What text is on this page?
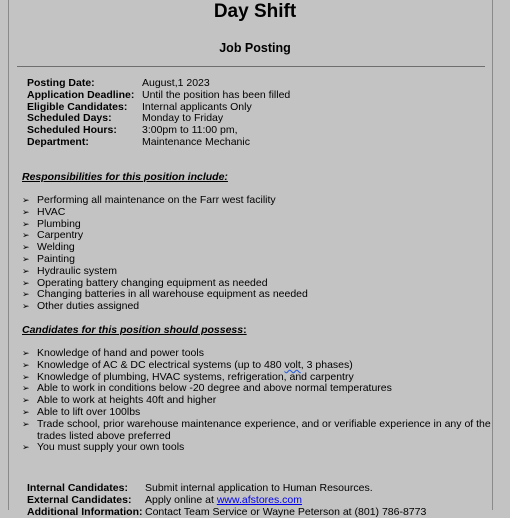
Day Shift
Job Posting
Posting Date:	August,1 2023
Application Deadline: Until the position has been filled
Eligible Candidates: Internal applicants Only
Scheduled Days:	Monday to Friday
Scheduled Hours: 3:00pm to 11:00 pm,
Department:	Maintenance Mechanic
Responsibilities for this position include:
➢ Performing all maintenance on the Farr west facility
➢ HVAC
➢ Plumbing
➢ Carpentry
➢ Welding
➢ Painting
➢ Hydraulic system
➢ Operating battery changing equipment as needed
➢ Changing batteries in all warehouse equipment as needed
➢ Other duties assigned
Candidates for this position should possess:
➢ Knowledge of hand and power tools
➢ Knowledge of AC & DC electrical systems (up to 480 volt, 3 phases)
➢ Knowledge of plumbing, HVAC systems, refrigeration, and carpentry
➢ Able to work in conditions below -20 degree and above normal temperatures
➢ Able to work at heights 40ft and higher
➢ Able to lift over 100lbs
➢ Trade school, prior warehouse maintenance experience, and or verifiable experience in any of the trades listed above preferred
➢ You must supply your own tools
Internal Candidates: Submit internal application to Human Resources.
External Candidates: Apply online at www.afstores.com
Additional Information: Contact Team Service or Wayne Peterson at (801) 786-8773
